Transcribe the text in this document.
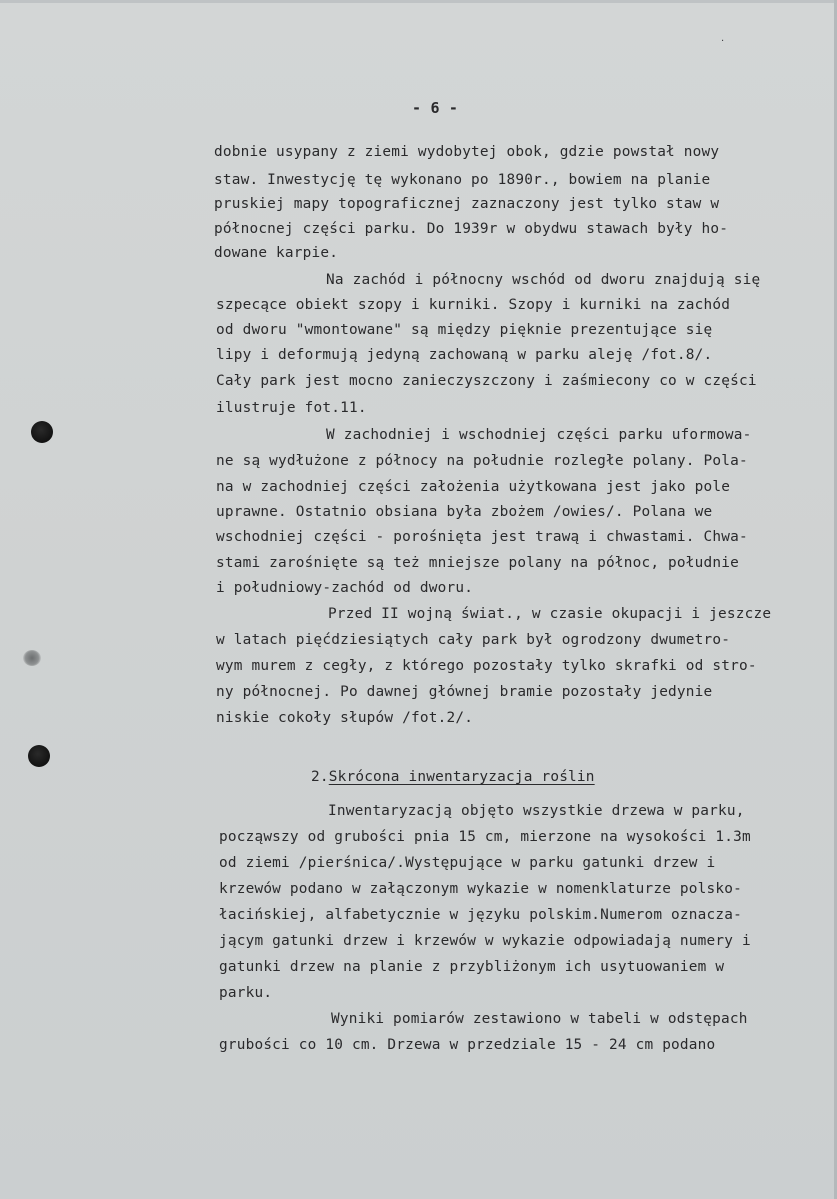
·
- 6 -
dobnie usypany z ziemi wydobytej obok, gdzie powstał nowy
staw. Inwestycję tę wykonano po 1890r., bowiem na planie
pruskiej mapy topograficznej zaznaczony jest tylko staw w
północnej części parku. Do 1939r w obydwu stawach były ho-
dowane karpie.
Na zachód i północny wschód od dworu znajdują się
szpecące obiekt szopy i kurniki. Szopy i kurniki na zachód
od dworu "wmontowane" są między pięknie prezentujące się
lipy i deformują jedyną zachowaną w parku aleję /fot.8/.
Cały park jest mocno zanieczyszczony i zaśmiecony co w części
ilustruje fot.11.
W zachodniej i wschodniej części parku uformowa-
ne są wydłużone z północy na południe rozległe polany. Pola-
na w zachodniej części założenia użytkowana jest jako pole
uprawne. Ostatnio obsiana była zbożem /owies/. Polana we
wschodniej części - porośnięta jest trawą i chwastami. Chwa-
stami zarośnięte są też mniejsze polany na północ, południe
i południowy-zachód od dworu.
Przed II wojną świat., w czasie okupacji i jeszcze
w latach pięćdziesiątych cały park był ogrodzony dwumetro-
wym murem z cegły, z którego pozostały tylko skrafki od stro-
ny północnej. Po dawnej głównej bramie pozostały jedynie
niskie cokoły słupów /fot.2/.
2.Skrócona inwentaryzacja roślin
Inwentaryzacją objęto wszystkie drzewa w parku,
począwszy od grubości pnia 15 cm, mierzone na wysokości 1.3m
od ziemi /pierśnica/.Występujące w parku gatunki drzew i
krzewów podano w załączonym wykazie w nomenklaturze polsko-
łacińskiej, alfabetycznie w języku polskim.Numerom oznacza-
jącym gatunki drzew i krzewów w wykazie odpowiadają numery i
gatunki drzew na planie z przybliżonym ich usytuowaniem w
parku.
Wyniki pomiarów zestawiono w tabeli w odstępach
grubości co 10 cm. Drzewa w przedziale 15 - 24 cm podano
